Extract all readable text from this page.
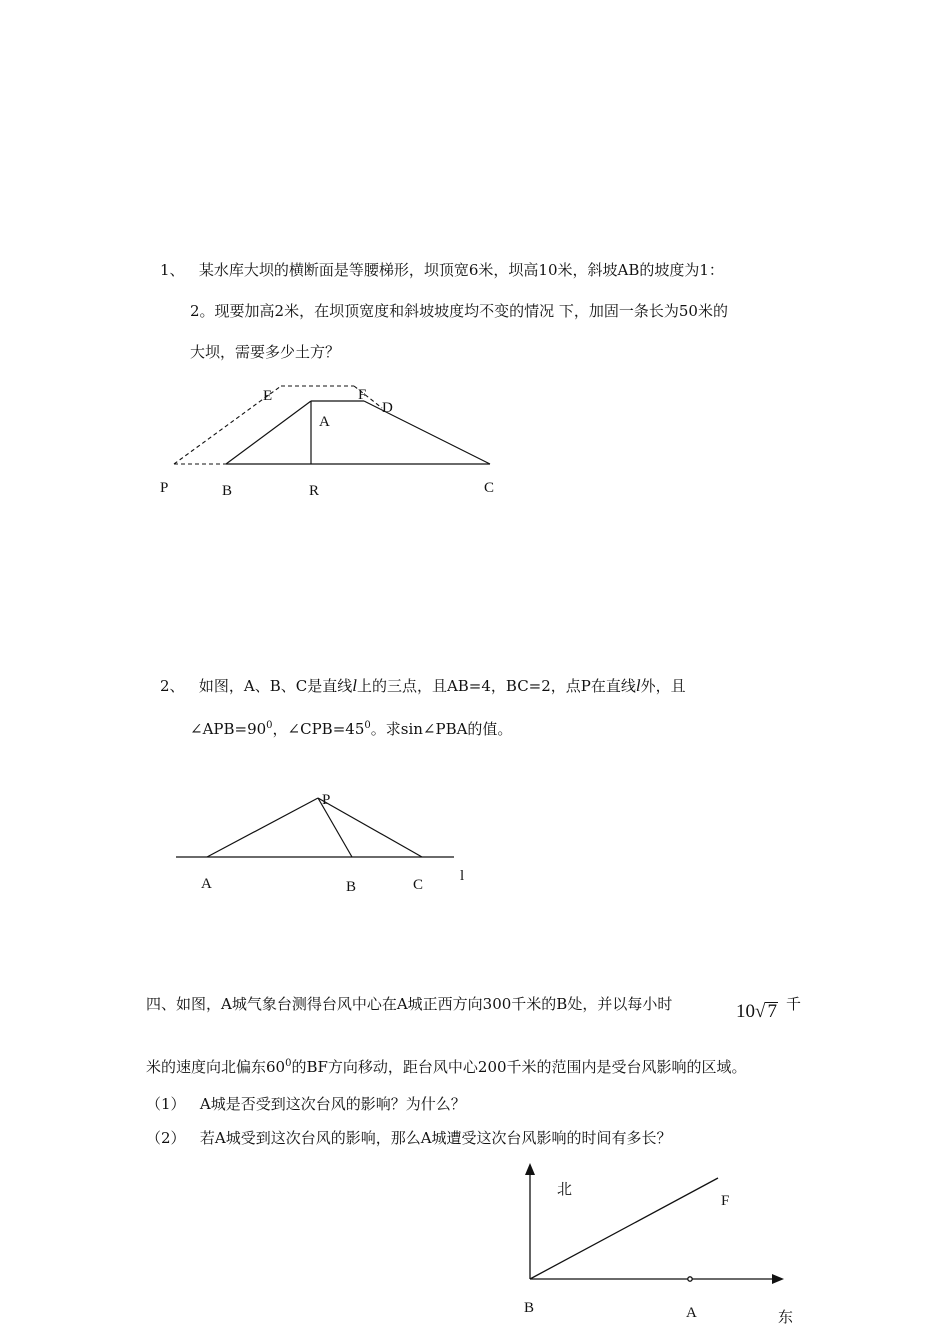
1、 某水库大坝的横断面是等腰梯形，坝顶宽6米，坝高10米，斜坡AB的坡度为1：
2。现要加高2米，在坝顶宽度和斜坡坡度均不变的情况 下，加固一条长为50米的
大坝，需要多少土方？
E	F
D
A
P	B	R	C
2、 如图，A、B、C是直线l上的三点，且AB=4，BC=2，点P在直线l外，且
$\angle APB=90^0$，$\angle CPB=45^0$。求sin∠PBA的值。
P
A	B	C
l
四、如图，A城气象台测得台风中心在A城正西方向300千米的B处，并以每小时	10√ 7 千
米的速度向北偏东$60^0$的BF方向移动，距台风中心200千米的范围内是受台风影响的区域。
（1） A城是否受到这次台风的影响？为什么？
（2） 若A城受到这次台风的影响，那么A城遭受这次台风影响的时间有多长？
北
F
B	A	东
